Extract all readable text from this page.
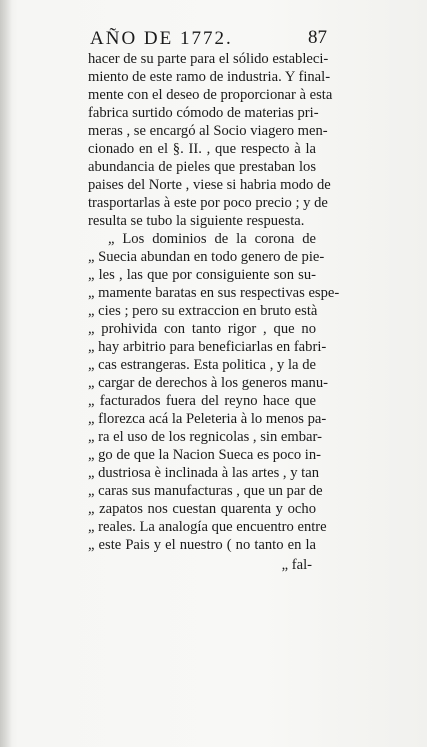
AÑO DE 1772.	87
hacer de su parte para el sólido estableci-
miento de este ramo de industria. Y final-
mente con el deseo de proporcionar à esta
fabrica surtido cómodo de materias pri-
meras , se encargó al Socio viagero men-
cionado en el §. II. , que respecto à la
abundancia de pieles que prestaban los
paises del Norte , viese si habria modo de
trasportarlas à este por poco precio ; y de
resulta se tubo la siguiente respuesta.
„ Los dominios de la corona de
„ Suecia abundan en todo genero de pie-
„ les , las que por consiguiente son su-
„ mamente baratas en sus respectivas espe-
„ cies ; pero su extraccion en bruto està
„ prohivida con tanto rigor , que no
„ hay arbitrio para beneficiarlas en fabri-
„ cas estrangeras. Esta politica , y la de
„ cargar de derechos à los generos manu-
„ facturados fuera del reyno hace que
„ florezca acá la Peleteria à lo menos pa-
„ ra el uso de los regnicolas , sin embar-
„ go de que la Nacion Sueca es poco in-
„ dustriosa è inclinada à las artes , y tan
„ caras sus manufacturas , que un par de
„ zapatos nos cuestan quarenta y ocho
„ reales. La analogía que encuentro entre
„ este Pais y el nuestro ( no tanto en la
„ fal-
